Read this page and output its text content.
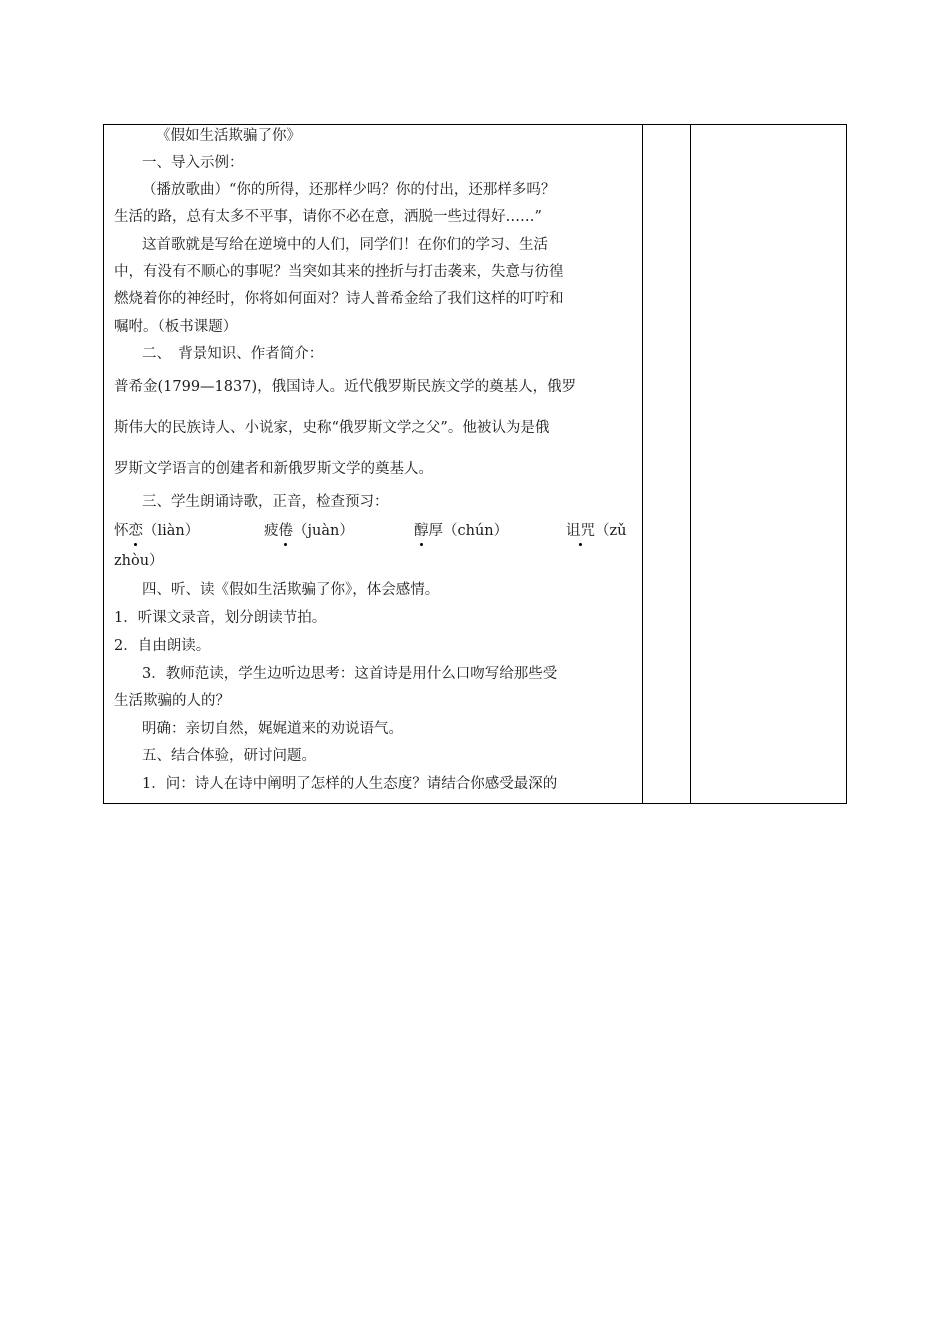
《假如生活欺骗了你》
一、导入示例：
（播放歌曲）“你的所得，还那样少吗？你的付出，还那样多吗？
生活的路，总有太多不平事，请你不必在意，洒脱一些过得好……”
这首歌就是写给在逆境中的人们，同学们！在你们的学习、生活
中，有没有不顺心的事呢？当突如其来的挫折与打击袭来，失意与彷徨
燃烧着你的神经时，你将如何面对？诗人普希金给了我们这样的叮咛和
嘱咐。（板书课题）
二、　背景知识、作者简介：
普希金(1799—1837)，俄国诗人。近代俄罗斯民族文学的奠基人，俄罗
斯伟大的民族诗人、小说家，史称“俄罗斯文学之父”。他被认为是俄
罗斯文学语言的创建者和新俄罗斯文学的奠基人。
三、学生朗诵诗歌，正音，检查预习：
怀恋（liàn）	疲倦（juàn）	醇厚（chún）	诅咒（zǔ
zhòu）
四、听、读《假如生活欺骗了你》，体会感情。
1．听课文录音，划分朗读节拍。
2．自由朗读。
3．教师范读，学生边听边思考：这首诗是用什么口吻写给那些受
生活欺骗的人的？
明确：亲切自然，娓娓道来的劝说语气。
五、结合体验，研讨问题。
1．问：诗人在诗中阐明了怎样的人生态度？请结合你感受最深的
